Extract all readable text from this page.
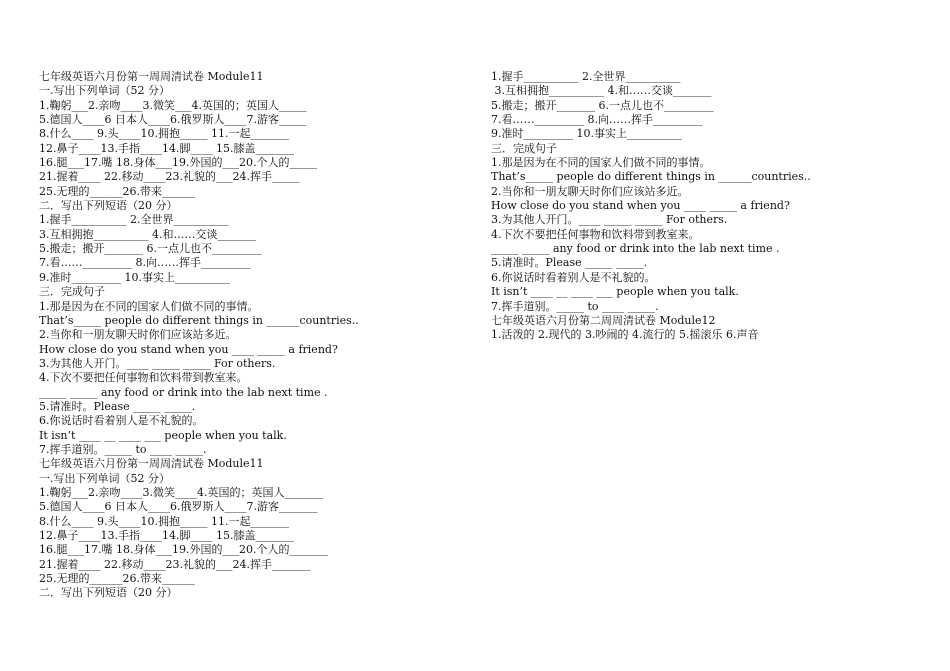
七年级英语六月份第一周周清试卷 Module11
一.写出下列单词（52 分）
1.鞠躬___2.亲吻____3.微笑___4.英国的；英国人_____
5.德国人____6 日本人____6.俄罗斯人____7.游客_____
8.什么____ 9.头____10.拥抱_____ 11.一起_______
12.鼻子____13.手指____14.脚____ 15.膝盖_______
16.腿___17.嘴 18.身体___19.外国的___20.个人的_____
21.握着____ 22.移动____23.礼貌的___24.挥手_____
25.无理的______26.带来______
二．写出下列短语（20 分）
1.握手__________ 2.全世界__________
3.互相拥抱__________ 4.和……交谈_______
5.搬走；搬开_______ 6.一点儿也不_________
7.看……_________ 8.向……挥手_________
9.准时_________ 10.事实上__________
三．完成句子
1.那是因为在不同的国家人们做不同的事情。
That’s_____ people do different things in ______countries..
2.当你和一朋友聊天时你们应该站多近。
How close do you stand when you ____ _____ a friend?
3.为其他人开门。____ _____ _____ For others.
4.下次不要把任何事物和饮料带到教室来。
_____ _____ any food or drink into the lab next time .
5.请准时。Please _____ _____.
6.你说话时看着别人是不礼貌的。
It isn’t ____ __ ____ ___ people when you talk.
7.挥手道别。_____ to ____ _____.
七年级英语六月份第一周周清试卷 Module11
一.写出下列单词（52 分）
1.鞠躬___2.亲吻____3.微笑____4.英国的；英国人_______
5.德国人____6 日本人____6.俄罗斯人____7.游客_______
8.什么____ 9.头____10.拥抱_____ 11.一起_______
12.鼻子____13.手指____14.脚____ 15.膝盖_______
16.腿___17.嘴 18.身体___19.外国的___20.个人的_______
21.握着____ 22.移动____23.礼貌的___24.挥手_______
25.无理的______26.带来______
二．写出下列短语（20 分）
1.握手__________ 2.全世界__________
3.互相拥抱__________ 4.和……交谈_______
5.搬走；搬开_______ 6.一点儿也不_________
7.看……_________ 8.向……挥手_________
9.准时_________ 10.事实上__________
三．完成句子
1.那是因为在不同的国家人们做不同的事情。
That’s_____ people do different things in ______countries..
2.当你和一朋友聊天时你们应该站多近。
How close do you stand when you ____ _____ a friend?
3.为其他人开门。____ _____ _____ For others.
4.下次不要把任何事物和饮料带到教室来。
_____ _____ any food or drink into the lab next time .
5.请准时。Please _____ _____.
6.你说话时看着别人是不礼貌的。
It isn’t ____ __ ____ ___ people when you talk.
7.挥手道别。_____ to ____ _____.
七年级英语六月份第二周周清试卷 Module12
1.活泼的 2.现代的 3.吵闹的 4.流行的 5.摇滚乐 6.声音
